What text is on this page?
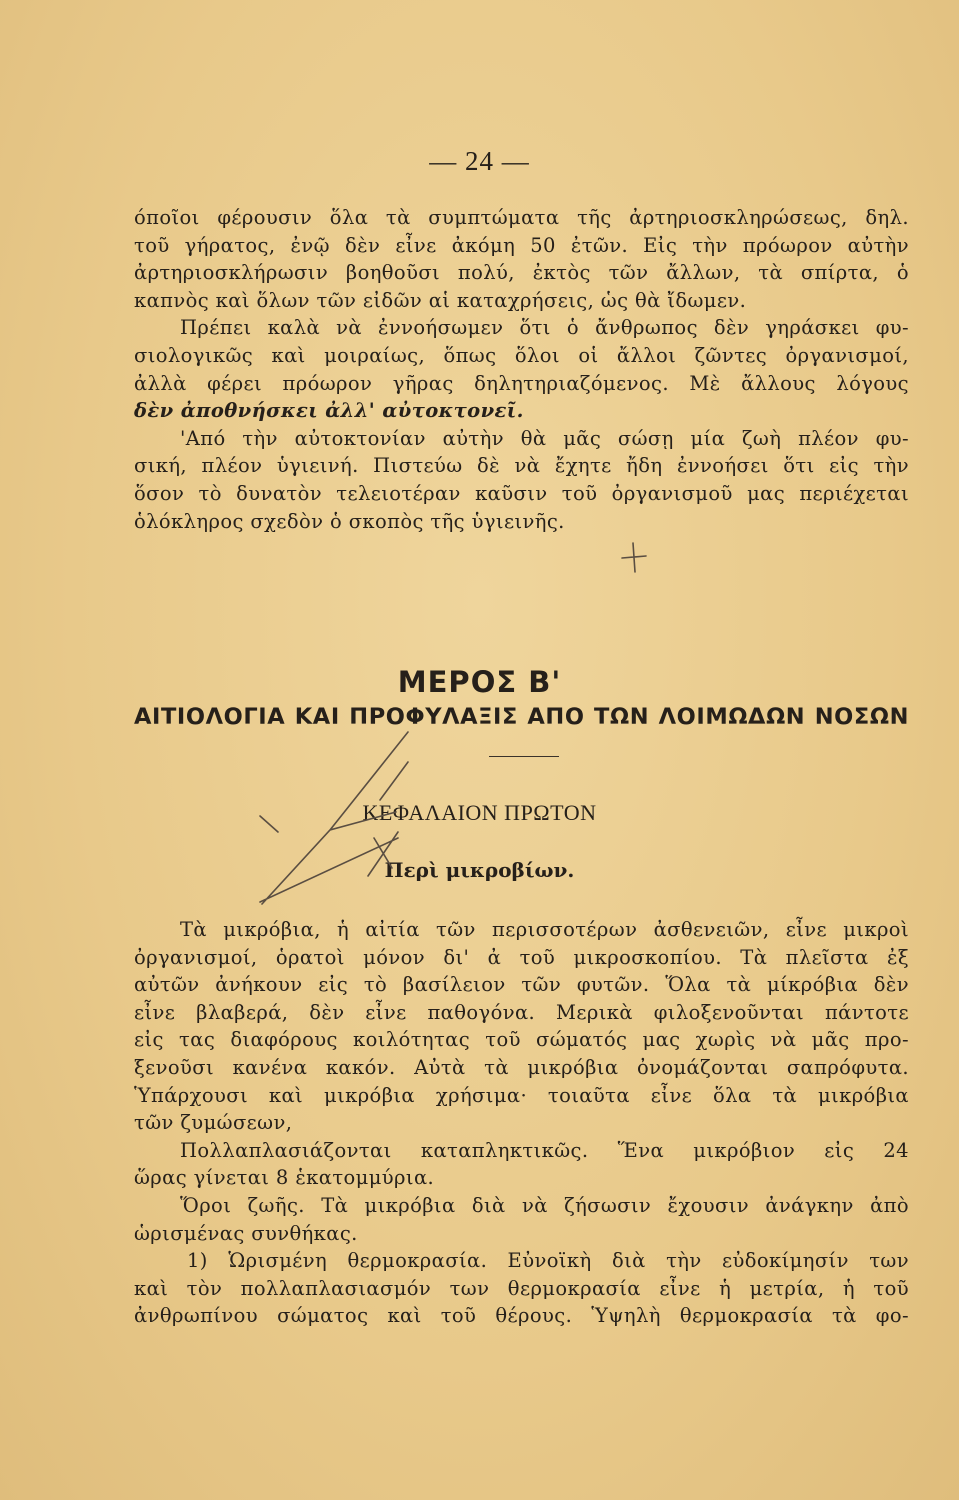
— 24 —
όποῖοι φέρουσιν ὅλα τὰ συμπτώματα τῆς ἀρτηριοσκληρώσεως, δηλ.
τοῦ γήρατος, ἐνῷ δὲν εἶνε ἀκόμη 50 ἐτῶν. Εἰς τὴν πρόωρον αὐτὴν
ἀρτηριοσκλήρωσιν βοηθοῦσι πολύ, ἐκτὸς τῶν ἄλλων, τὰ σπίρτα, ὁ
καπνὸς καὶ ὅλων τῶν εἰδῶν αἱ καταχρήσεις, ὡς θὰ ἴδωμεν.
Πρέπει καλὰ νὰ ἐννοήσωμεν ὅτι ὁ ἄνθρωπος δὲν γηράσκει φυ-
σιολογικῶς καὶ μοιραίως, ὅπως ὅλοι οἱ ἄλλοι ζῶντες ὀργανισμοί,
ἀλλὰ φέρει πρόωρον γῆρας δηλητηριαζόμενος. Μὲ ἄλλους λόγους
δὲν ἀποθνήσκει ἀλλ' αὐτοκτονεῖ.
'Από τὴν αὐτοκτονίαν αὐτὴν θὰ μᾶς σώσῃ μία ζωὴ πλέον φυ-
σική, πλέον ὑγιεινή. Πιστεύω δὲ νὰ ἔχητε ἤδη ἐννοήσει ὅτι εἰς τὴν
ὅσον τὸ δυνατὸν τελειοτέραν καῦσιν τοῦ ὀργανισμοῦ μας περιέχεται
ὁλόκληρος σχεδὸν ὁ σκοπὸς τῆς ὑγιεινῆς.
ΜΕΡΟΣ Β'
ΑΙΤΙΟΛΟΓΙΑ ΚΑΙ ΠΡΟΦΥΛΑΞΙΣ ΑΠΟ ΤΩΝ ΛΟΙΜΩΔΩΝ ΝΟΣΩΝ
ΚΕΦΑΛΑΙΟΝ ΠΡΩΤΟΝ
Περὶ μικροβίων.
Τὰ μικρόβια, ἡ αἰτία τῶν περισσοτέρων ἀσθενειῶν, εἶνε μικροὶ
ὀργανισμοί, ὁρατοὶ μόνον δι' ἀ τοῦ μικροσκοπίου. Τὰ πλεῖστα ἐξ
αὐτῶν ἀνήκουν εἰς τὸ βασίλειον τῶν φυτῶν. Ὅλα τὰ μίκρόβια δὲν
εἶνε βλαβερά, δὲν εἶνε παθογόνα. Μερικὰ φιλοξενοῦνται πάντοτε
εἰς τας διαφόρους κοιλότητας τοῦ σώματός μας χωρὶς νὰ μᾶς προ-
ξενοῦσι κανένα κακόν. Αὐτὰ τὰ μικρόβια ὀνομάζονται σαπρόφυτα.
Ὑπάρχουσι καὶ μικρόβια χρήσιμα· τοιαῦτα εἶνε ὅλα τὰ μικρόβια
τῶν ζυμώσεων,
Πολλαπλασιάζονται καταπληκτικῶς. Ἕνα μικρόβιον εἰς 24
ὥρας γίνεται 8 ἑκατομμύρια.
Ὅροι ζωῆς. Τὰ μικρόβια διὰ νὰ ζήσωσιν ἔχουσιν ἀνάγκην ἀπὸ
ὡρισμένας συνθήκας.
1) Ὡρισμένη θερμοκρασία. Εὐνοϊκὴ διὰ τὴν εὐδοκίμησίν των
καὶ τὸν πολλαπλασιασμόν των θερμοκρασία εἶνε ἡ μετρία, ἡ τοῦ
ἀνθρωπίνου σώματος καὶ τοῦ θέρους. Ὑψηλὴ θερμοκρασία τὰ φο-
